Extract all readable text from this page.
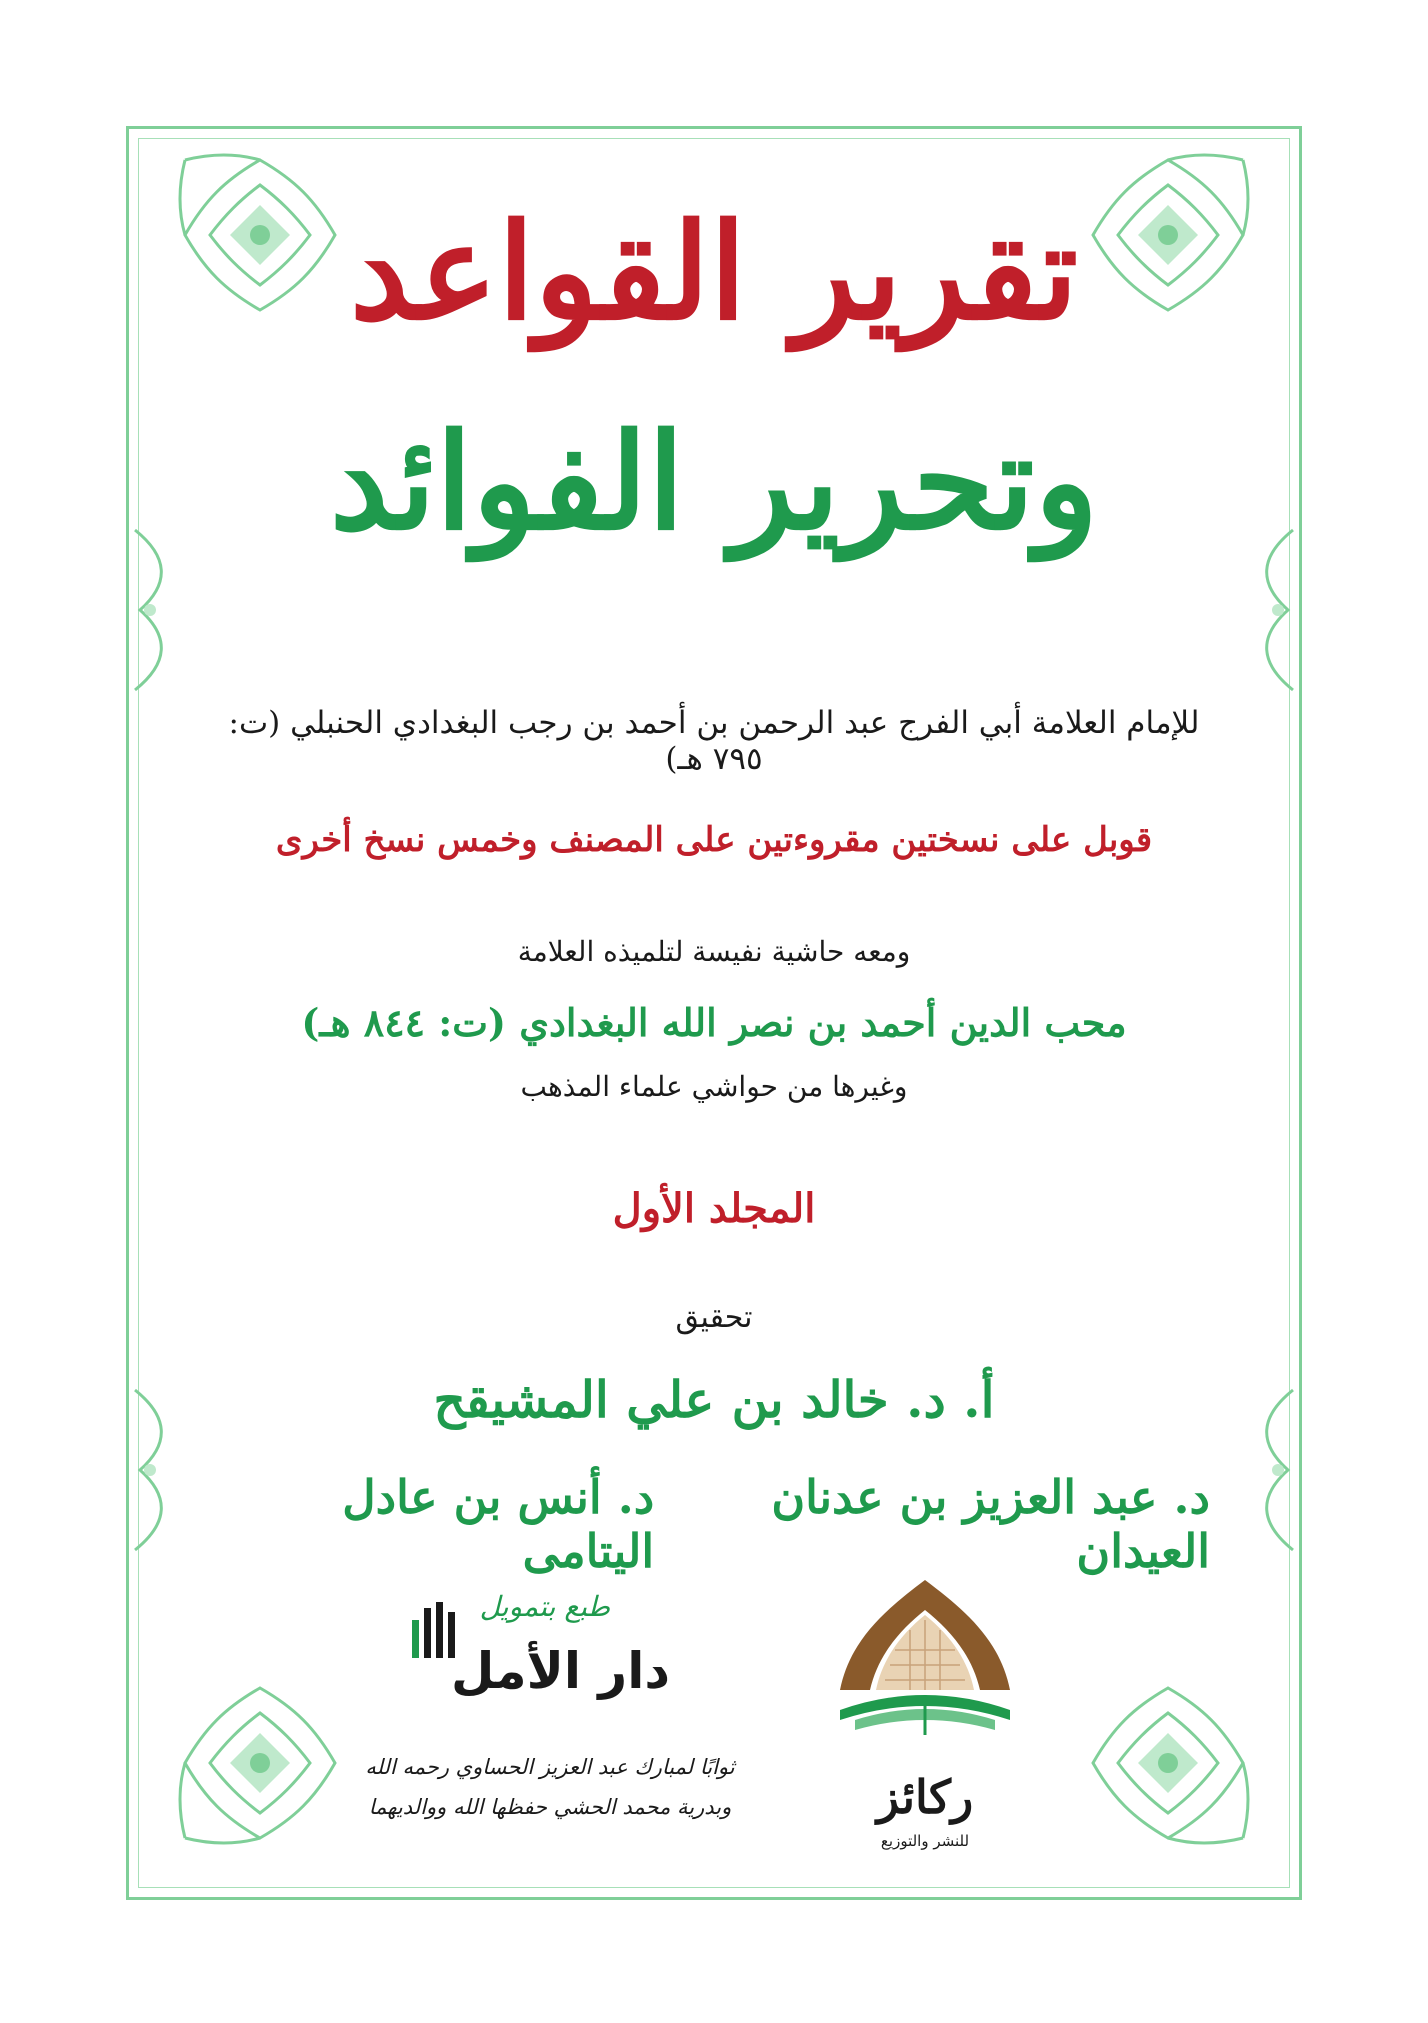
تقرير القواعد
وتحرير الفوائد
للإمام العلامة أبي الفرج عبد الرحمن بن أحمد بن رجب البغدادي الحنبلي (ت: ٧٩٥ هـ)
قوبل على نسختين مقروءتين على المصنف وخمس نسخ أخرى
ومعه حاشية نفيسة لتلميذه العلامة
محب الدين أحمد بن نصر الله البغدادي (ت: ٨٤٤ هـ)
وغيرها من حواشي علماء المذهب
المجلد الأول
تحقيق
أ. د. خالد بن علي المشيقح
د. عبد العزيز بن عدنان العيدان
د. أنس بن عادل اليتامى
ركائز
للنشر والتوزيع
طبع بتمويل
دار الأمل
ثوابًا لمبارك عبد العزيز الحساوي رحمه الله
وبدرية محمد الحشي حفظها الله ووالديهما
